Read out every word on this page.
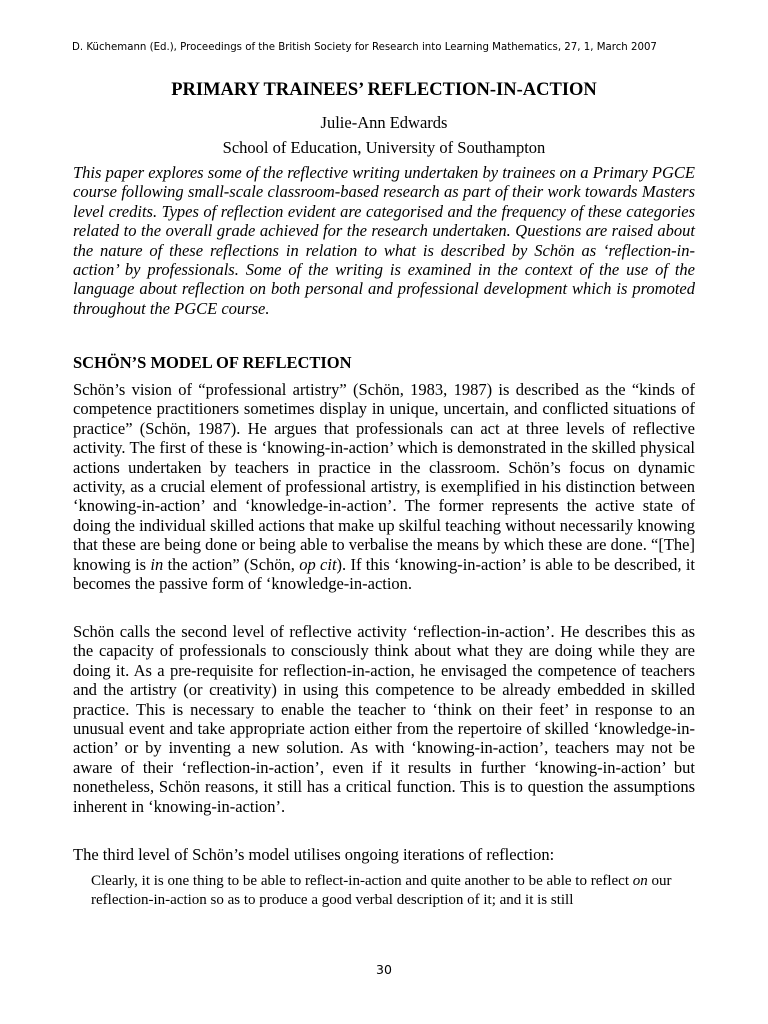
D. Küchemann (Ed.), Proceedings of the British Society for Research into Learning Mathematics, 27, 1, March 2007
PRIMARY TRAINEES’ REFLECTION-IN-ACTION
Julie-Ann Edwards
School of Education, University of Southampton
This paper explores some of the reflective writing undertaken by trainees on a Primary PGCE course following small-scale classroom-based research as part of their work towards Masters level credits. Types of reflection evident are categorised and the frequency of these categories related to the overall grade achieved for the research undertaken. Questions are raised about the nature of these reflections in relation to what is described by Schön as ‘reflection-in-action’ by professionals. Some of the writing is examined in the context of the use of the language about reflection on both personal and professional development which is promoted throughout the PGCE course.
SCHÖN’S MODEL OF REFLECTION
Schön’s vision of “professional artistry” (Schön, 1983, 1987) is described as the “kinds of competence practitioners sometimes display in unique, uncertain, and conflicted situations of practice” (Schön, 1987). He argues that professionals can act at three levels of reflective activity. The first of these is ‘knowing-in-action’ which is demonstrated in the skilled physical actions undertaken by teachers in practice in the classroom. Schön’s focus on dynamic activity, as a crucial element of professional artistry, is exemplified in his distinction between ‘knowing-in-action’ and ‘knowledge-in-action’. The former represents the active state of doing the individual skilled actions that make up skilful teaching without necessarily knowing that these are being done or being able to verbalise the means by which these are done. “[The] knowing is in the action” (Schön, op cit). If this ‘knowing-in-action’ is able to be described, it becomes the passive form of ‘knowledge-in-action.
Schön calls the second level of reflective activity ‘reflection-in-action’. He describes this as the capacity of professionals to consciously think about what they are doing while they are doing it. As a pre-requisite for reflection-in-action, he envisaged the competence of teachers and the artistry (or creativity) in using this competence to be already embedded in skilled practice. This is necessary to enable the teacher to ‘think on their feet’ in response to an unusual event and take appropriate action either from the repertoire of skilled ‘knowledge-in-action’ or by inventing a new solution. As with ‘knowing-in-action’, teachers may not be aware of their ‘reflection-in-action’, even if it results in further ‘knowing-in-action’ but nonetheless, Schön reasons, it still has a critical function. This is to question the assumptions inherent in ‘knowing-in-action’.
The third level of Schön’s model utilises ongoing iterations of reflection:
Clearly, it is one thing to be able to reflect-in-action and quite another to be able to reflect on our reflection-in-action so as to produce a good verbal description of it; and it is still
30
